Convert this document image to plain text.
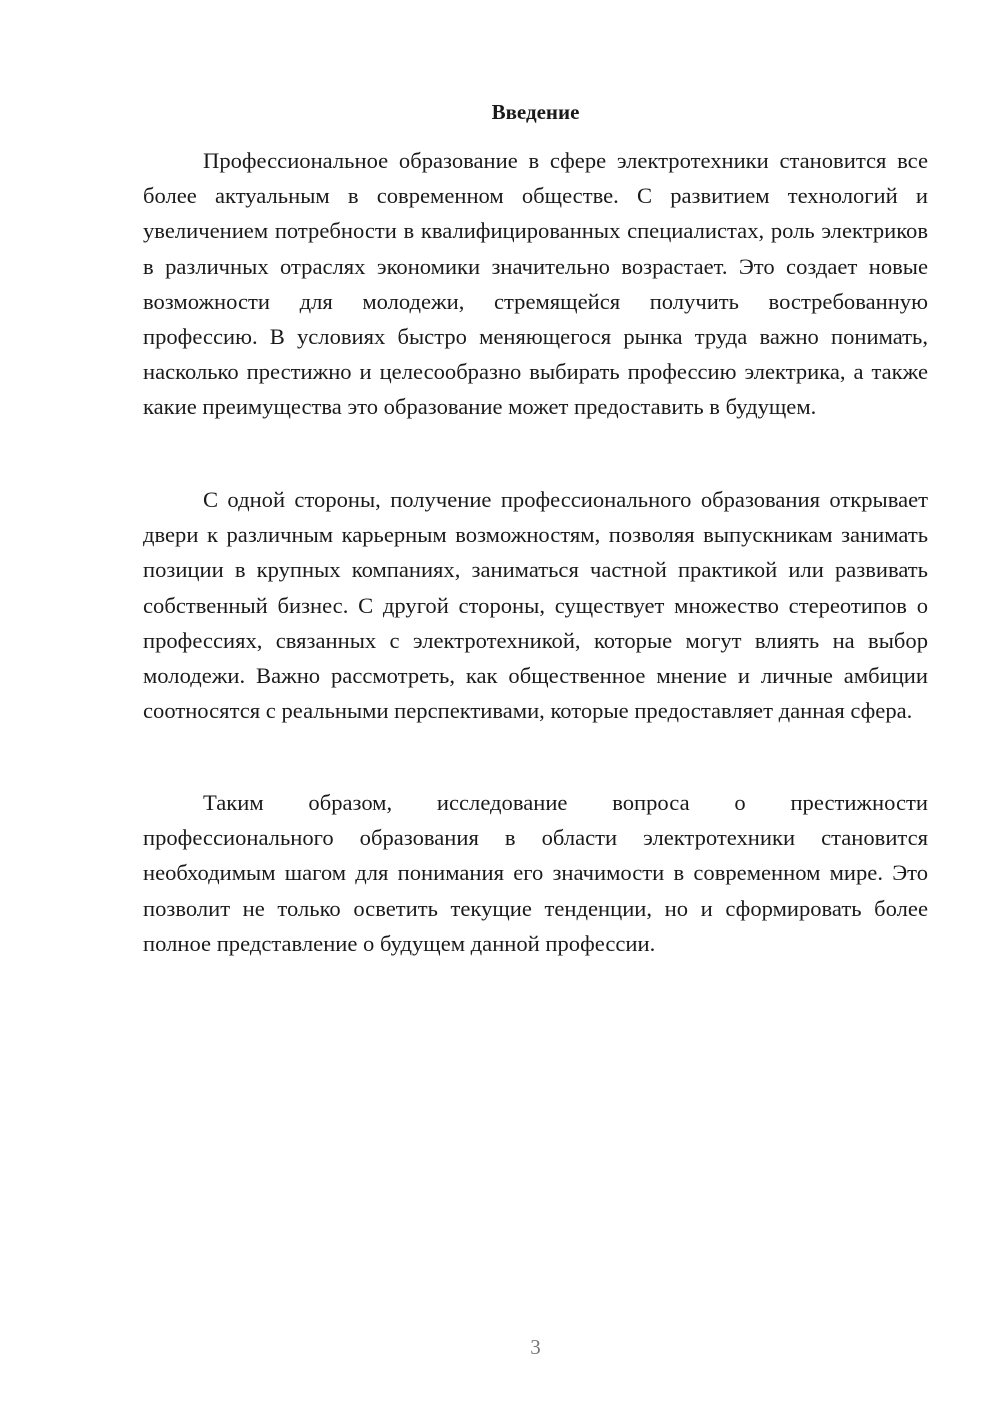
Введение

Профессиональное образование в сфере электротехники становится все более актуальным в современном обществе. С развитием технологий и увеличением потребности в квалифицированных специалистах, роль электриков в различных отраслях экономики значительно возрастает. Это создает новые возможности для молодежи, стремящейся получить востребованную профессию. В условиях быстро меняющегося рынка труда важно понимать, насколько престижно и целесообразно выбирать профессию электрика, а также какие преимущества это образование может предоставить в будущем.

С одной стороны, получение профессионального образования открывает двери к различным карьерным возможностям, позволяя выпускникам занимать позиции в крупных компаниях, заниматься частной практикой или развивать собственный бизнес. С другой стороны, существует множество стереотипов о профессиях, связанных с электротехникой, которые могут влиять на выбор молодежи. Важно рассмотреть, как общественное мнение и личные амбиции соотносятся с реальными перспективами, которые предоставляет данная сфера.

Таким образом, исследование вопроса о престижности профессионального образования в области электротехники становится необходимым шагом для понимания его значимости в современном мире. Это позволит не только осветить текущие тенденции, но и сформировать более полное представление о будущем данной профессии.

3
